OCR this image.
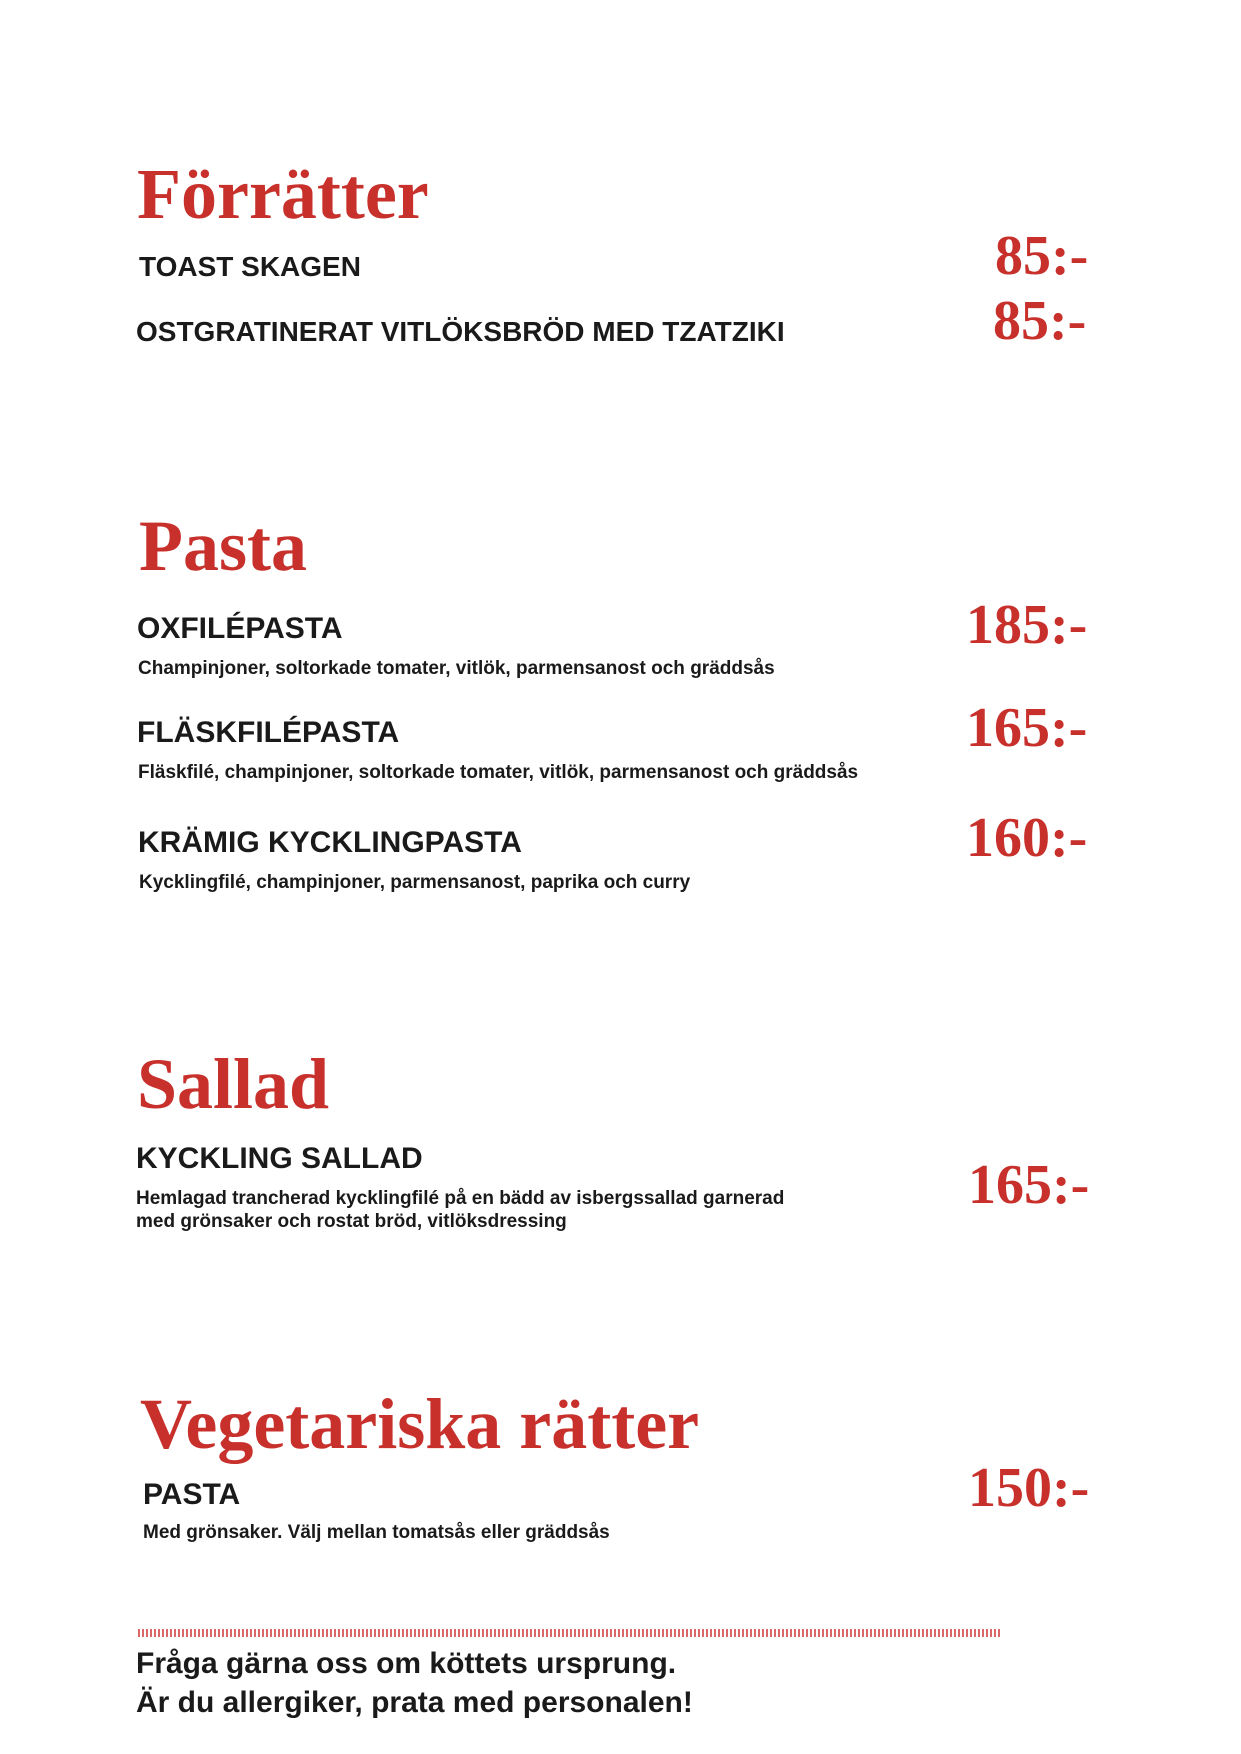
Förrätter
TOAST SKAGEN	85:-
OSTGRATINERAT VITLÖKSBRÖD MED TZATZIKI	85:-
Pasta
OXFILÉPASTA	185:-
Champinjoner, soltorkade tomater, vitlök, parmensanost och gräddsås
FLÄSKFILÉPASTA	165:-
Fläskfilé, champinjoner, soltorkade tomater, vitlök, parmensanost och gräddsås
KRÄMIG KYCKLINGPASTA	160:-
Kycklingfilé, champinjoner, parmensanost, paprika och curry
Sallad
KYCKLING SALLAD	165:-
Hemlagad trancherad kycklingfilé på en bädd av isbergssallad garnerad
med grönsaker och rostat bröd, vitlöksdressing
Vegetariska rätter
PASTA	150:-
Med grönsaker. Välj mellan tomatsås eller gräddsås
Fråga gärna oss om köttets ursprung.
Är du allergiker, prata med personalen!
